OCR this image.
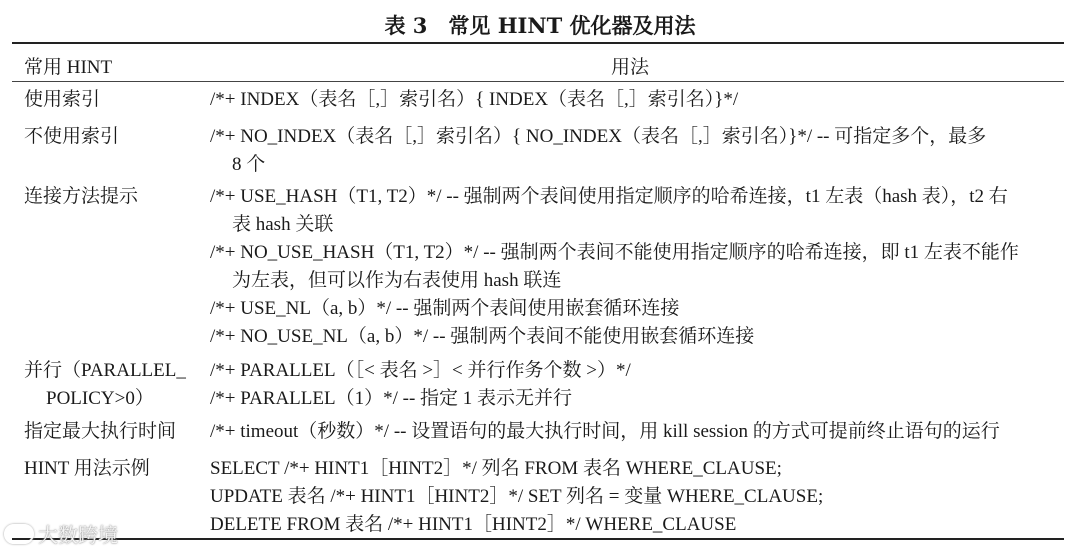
表 3　常见 HINT 优化器及用法
常用 HINT	用法
使用索引	/*+ INDEX（表名［,］索引名）{ INDEX（表名［,］索引名）}*/
不使用索引	/*+ NO_INDEX（表名［,］索引名）{ NO_INDEX（表名［,］索引名）}*/ -- 可指定多个，最多
8 个
连接方法提示	/*+ USE_HASH（T1, T2）*/ -- 强制两个表间使用指定顺序的哈希连接，t1 左表（hash 表），t2 右
表 hash 关联
/*+ NO_USE_HASH（T1, T2）*/ -- 强制两个表间不能使用指定顺序的哈希连接，即 t1 左表不能作
为左表，但可以作为右表使用 hash 联连
/*+ USE_NL（a, b）*/ -- 强制两个表间使用嵌套循环连接
/*+ NO_USE_NL（a, b）*/ -- 强制两个表间不能使用嵌套循环连接
并行（PARALLEL_
POLICY>0）
/*+ PARALLEL（［< 表名 >］< 并行作务个数 >）*/
/*+ PARALLEL（1）*/ -- 指定 1 表示无并行
指定最大执行时间 /*+ timeout（秒数）*/ -- 设置语句的最大执行时间，用 kill session 的方式可提前终止语句的运行
HINT 用法示例	SELECT /*+ HINT1［HINT2］*/ 列名 FROM 表名 WHERE_CLAUSE;
UPDATE 表名 /*+ HINT1［HINT2］*/ SET 列名 = 变量 WHERE_CLAUSE;
DELETE FROM 表名 /*+ HINT1［HINT2］*/ WHERE_CLAUSE
大数跨境
